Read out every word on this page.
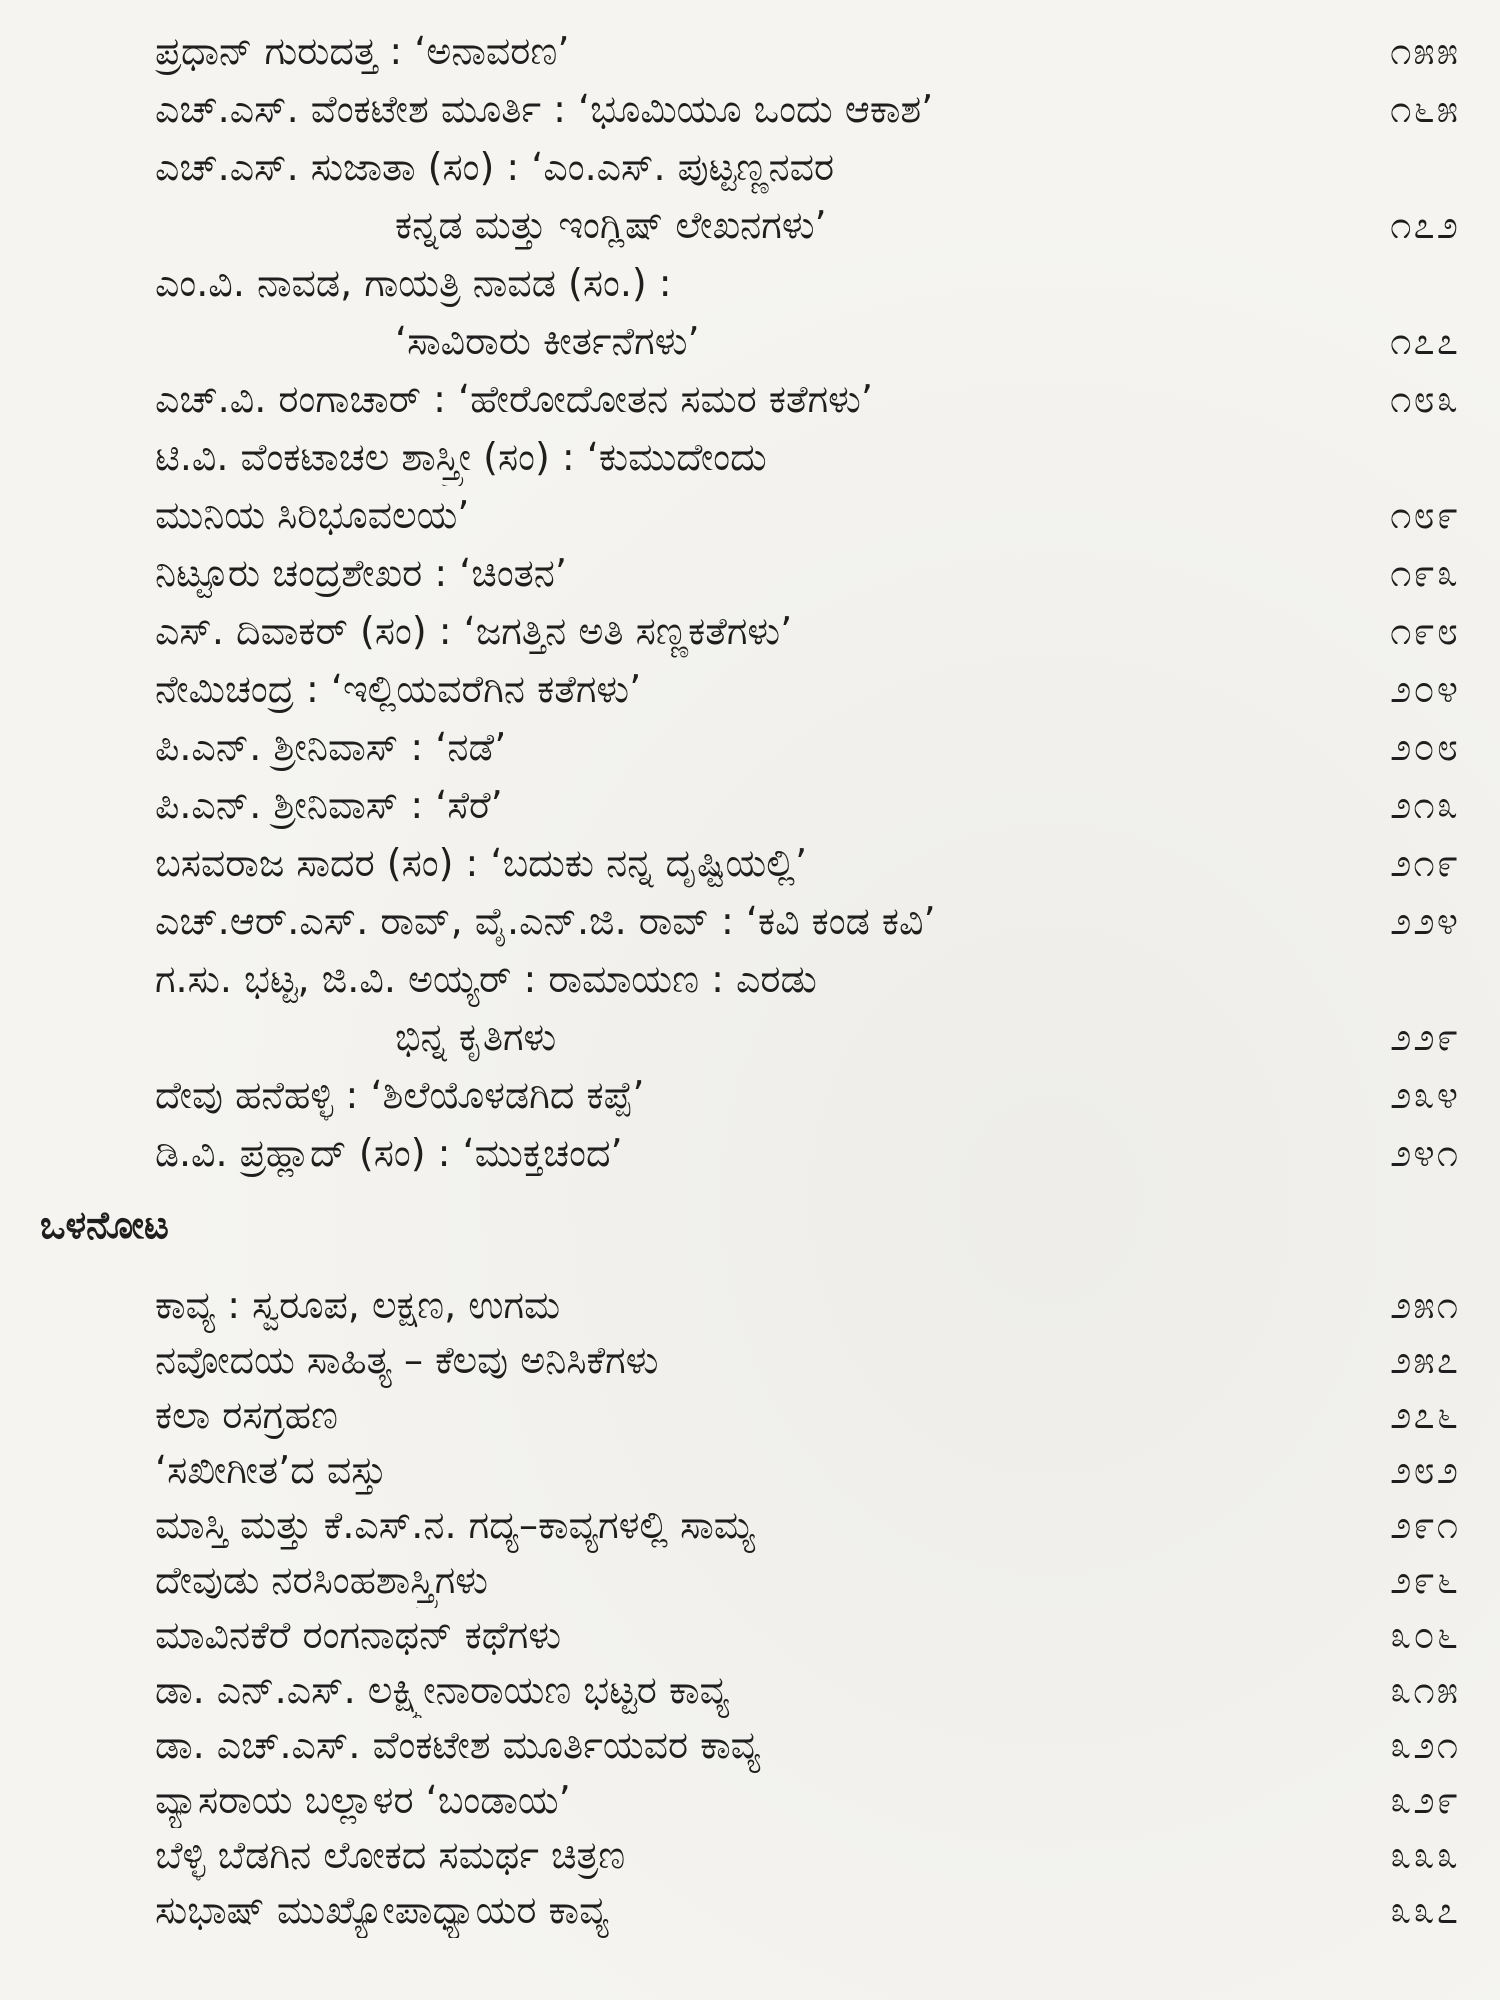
ಪ್ರಧಾನ್ ಗುರುದತ್ತ : ‘ಅನಾವರಣ’	೧೫೫
ಎಚ್.ಎಸ್. ವೆಂಕಟೇಶ ಮೂರ್ತಿ : ‘ಭೂಮಿಯೂ ಒಂದು ಆಕಾಶ’	೧೬೫
ಎಚ್.ಎಸ್. ಸುಜಾತಾ (ಸಂ) : ‘ಎಂ.ಎಸ್. ಪುಟ್ಟಣ್ಣನವರ
ಕನ್ನಡ ಮತ್ತು ಇಂಗ್ಲಿಷ್ ಲೇಖನಗಳು’	೧೭೨
ಎಂ.ವಿ. ನಾವಡ, ಗಾಯತ್ರಿ ನಾವಡ (ಸಂ.) :
‘ಸಾವಿರಾರು ಕೀರ್ತನೆಗಳು’	೧೭೭
ಎಚ್.ವಿ. ರಂಗಾಚಾರ್ : ‘ಹೇರೋದೋತನ ಸಮರ ಕತೆಗಳು’	೧೮೩
ಟಿ.ವಿ. ವೆಂಕಟಾಚಲ ಶಾಸ್ತ್ರೀ (ಸಂ) : ‘ಕುಮುದೇಂದು
ಮುನಿಯ ಸಿರಿಭೂವಲಯ’	೧೮೯
ನಿಟ್ಟೂರು ಚಂದ್ರಶೇಖರ : ‘ಚಿಂತನ’	೧೯೩
ಎಸ್. ದಿವಾಕರ್ (ಸಂ) : ‘ಜಗತ್ತಿನ ಅತಿ ಸಣ್ಣಕತೆಗಳು’	೧೯೮
ನೇಮಿಚಂದ್ರ : ‘ಇಲ್ಲಿಯವರೆಗಿನ ಕತೆಗಳು’	೨೦೪
ಪಿ.ಎನ್. ಶ್ರೀನಿವಾಸ್ : ‘ನಡೆ’	೨೦೮
ಪಿ.ಎನ್. ಶ್ರೀನಿವಾಸ್ : ‘ಸೆರೆ’	೨೧೩
ಬಸವರಾಜ ಸಾದರ (ಸಂ) : ‘ಬದುಕು ನನ್ನ ದೃಷ್ಟಿಯಲ್ಲಿ’	೨೧೯
ಎಚ್.ಆರ್.ಎಸ್. ರಾವ್, ವೈ.ಎನ್.ಜಿ. ರಾವ್ : ‘ಕವಿ ಕಂಡ ಕವಿ’	೨೨೪
ಗ.ಸು. ಭಟ್ಟ, ಜಿ.ವಿ. ಅಯ್ಯರ್ : ರಾಮಾಯಣ : ಎರಡು
ಭಿನ್ನ ಕೃತಿಗಳು	೨೨೯
ದೇವು ಹನೆಹಳ್ಳಿ : ‘ಶಿಲೆಯೊಳಡಗಿದ ಕಪ್ಪೆ’	೨೩೪
ಡಿ.ವಿ. ಪ್ರಹ್ಲಾದ್ (ಸಂ) : ‘ಮುಕ್ತಚಂದ’	೨೪೧
ಒಳನೋಟ
ಕಾವ್ಯ : ಸ್ವರೂಪ, ಲಕ್ಷಣ, ಉಗಮ	೨೫೧
ನವೋದಯ ಸಾಹಿತ್ಯ – ಕೆಲವು ಅನಿಸಿಕೆಗಳು	೨೫೭
ಕಲಾ ರಸಗ್ರಹಣ	೨೭೬
‘ಸಖೀಗೀತ’ದ ವಸ್ತು	೨೮೨
ಮಾಸ್ತಿ ಮತ್ತು ಕೆ.ಎಸ್.ನ. ಗದ್ಯ–ಕಾವ್ಯಗಳಲ್ಲಿ ಸಾಮ್ಯ	೨೯೧
ದೇವುಡು ನರಸಿಂಹಶಾಸ್ತ್ರಿಗಳು	೨೯೬
ಮಾವಿನಕೆರೆ ರಂಗನಾಥನ್ ಕಥೆಗಳು	೩೦೬
ಡಾ. ಎನ್.ಎಸ್. ಲಕ್ಷ್ಮೀನಾರಾಯಣ ಭಟ್ಟರ ಕಾವ್ಯ	೩೧೫
ಡಾ. ಎಚ್.ಎಸ್. ವೆಂಕಟೇಶ ಮೂರ್ತಿಯವರ ಕಾವ್ಯ	೩೨೧
ವ್ಯಾಸರಾಯ ಬಲ್ಲಾಳರ ‘ಬಂಡಾಯ’	೩೨೯
ಬೆಳ್ಳಿ ಬೆಡಗಿನ ಲೋಕದ ಸಮರ್ಥ ಚಿತ್ರಣ	೩೩೩
ಸುಭಾಷ್ ಮುಖ್ಯೋಪಾಧ್ಯಾಯರ ಕಾವ್ಯ	೩೩೭
